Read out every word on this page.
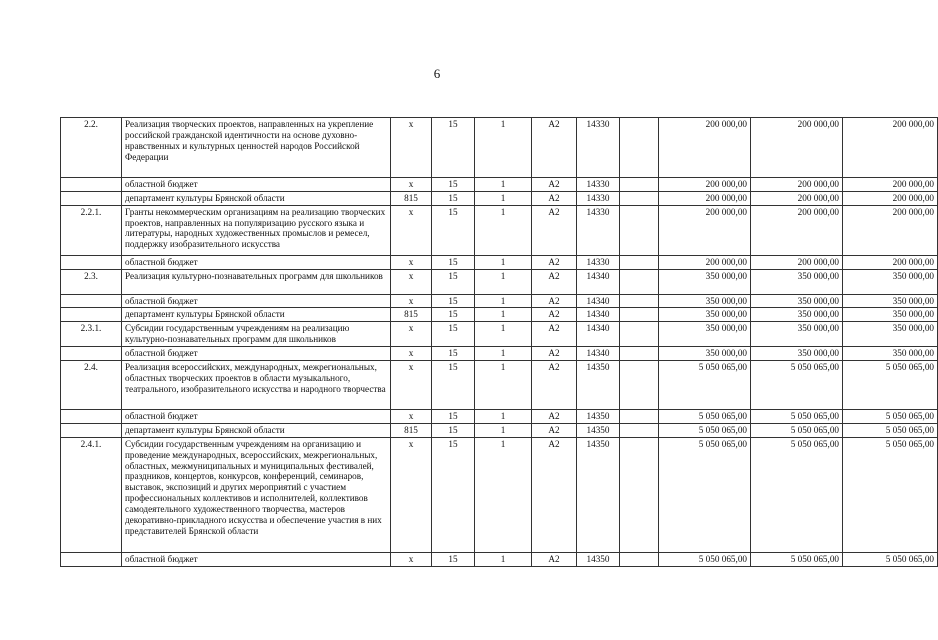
6
2.2.	Реализация творческих проектов, направленных на укрепление российской гражданской идентичности на основе духовно-нравственных и культурных ценностей народов Российской Федерации	х	15	1	A2	14330		200 000,00	200 000,00	200 000,00
	областной бюджет	х	15	1	A2	14330		200 000,00	200 000,00	200 000,00
	департамент культуры Брянской области	815	15	1	A2	14330		200 000,00	200 000,00	200 000,00
2.2.1.	Гранты некоммерческим организациям на реализацию творческих проектов, направленных на популяризацию русского языка и литературы, народных художественных промыслов и ремесел, поддержку изобразительного искусства	х	15	1	A2	14330		200 000,00	200 000,00	200 000,00
	областной бюджет	х	15	1	A2	14330		200 000,00	200 000,00	200 000,00
2.3.	Реализация культурно-познавательных программ для школьников	х	15	1	A2	14340		350 000,00	350 000,00	350 000,00
	областной бюджет	х	15	1	A2	14340		350 000,00	350 000,00	350 000,00
	департамент культуры Брянской области	815	15	1	A2	14340		350 000,00	350 000,00	350 000,00
2.3.1.	Субсидии государственным учреждениям на реализацию культурно-познавательных программ для школьников	х	15	1	A2	14340		350 000,00	350 000,00	350 000,00
	областной бюджет	х	15	1	A2	14340		350 000,00	350 000,00	350 000,00
2.4.	Реализация всероссийских, международных, межрегиональных, областных творческих проектов в области музыкального, театрального, изобразительного искусства и народного творчества	х	15	1	A2	14350		5 050 065,00	5 050 065,00	5 050 065,00
	областной бюджет	х	15	1	A2	14350		5 050 065,00	5 050 065,00	5 050 065,00
	департамент культуры Брянской области	815	15	1	A2	14350		5 050 065,00	5 050 065,00	5 050 065,00
2.4.1.	Субсидии государственным учреждениям на организацию и проведение международных, всероссийских, межрегиональных, областных, межмуниципальных и муниципальных фестивалей, праздников, концертов, конкурсов, конференций, семинаров, выставок, экспозиций и других мероприятий с участием профессиональных коллективов и исполнителей, коллективов самодеятельного художественного творчества, мастеров декоративно-прикладного искусства и обеспечение участия в них представителей Брянской области	х	15	1	A2	14350		5 050 065,00	5 050 065,00	5 050 065,00
	областной бюджет	х	15	1	A2	14350		5 050 065,00	5 050 065,00	5 050 065,00
